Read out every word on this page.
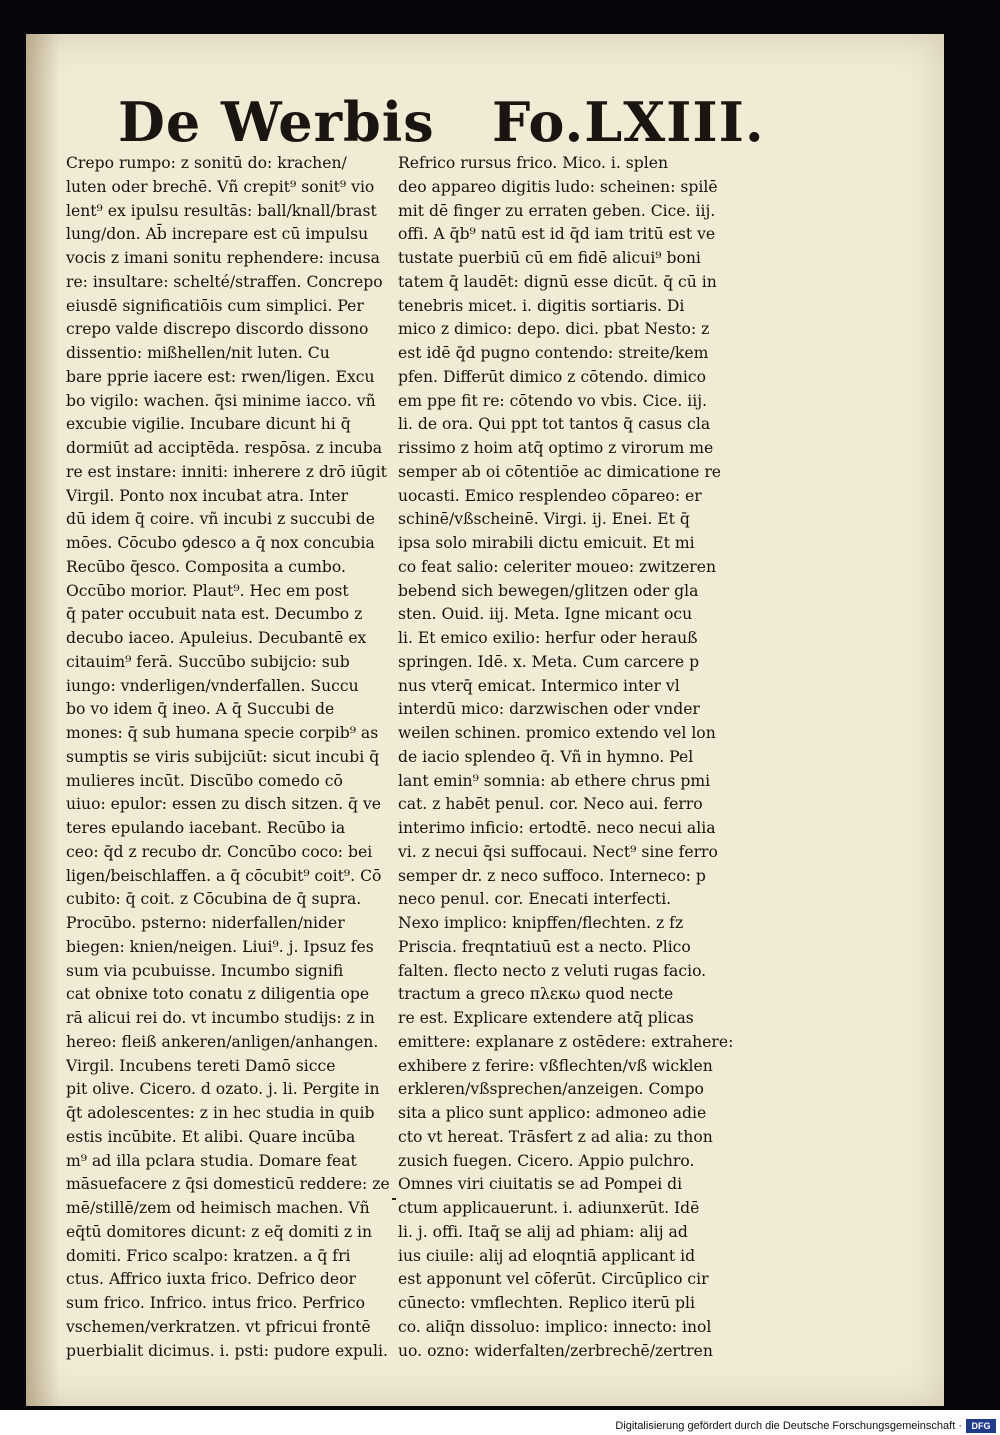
De Werbis Fo.LXIII.
Crepo rumpo: z sonitū do: krachen/
luten oder brechē. Vñ crepit⁹ sonit⁹ vio
lent⁹ ex ipulsu resultās: ball/knall/brast
lung/don. Ab̄ increpare est cū impulsu
vocis z imani sonitu rephendere: incusa
re: insultare: schelté/straffen. Concrepo
eiusdē significatiōis cum simplici. Per
crepo valde discrepo discordo dissono
dissentio: mißhellen/nit luten. Cu
bare pprie iacere est: rwen/ligen. Excu
bo vigilo: wachen. q̄si minime iacco. vñ
excubie vigilie. Incubare dicunt hi q̄
dormiūt ad acciptēda. respōsa. z incuba
re est instare: inniti: inherere z drō iūgit
Virgil. Ponto nox incubat atra. Inter
dū idem q̄ coire. vñ incubi z succubi de
mōes. Cōcubo ꝯdesco a q̄ nox concubia
Recūbo q̄esco. Composita a cumbo.
Occūbo morior. Plaut⁹. Hec em post
q̄ pater occubuit nata est. Decumbo z
decubo iaceo. Apuleius. Decubantē ex
citauim⁹ ferā. Succūbo subijcio: sub
iungo: vnderligen/vnderfallen. Succu
bo vo idem q̄ ineo. A q̄ Succubi de
mones: q̄ sub humana specie corpib⁹ as
sumptis se viris subijciūt: sicut incubi q̄
mulieres incūt. Discūbo comedo cō
uiuo: epulor: essen zu disch sitzen. q̄ ve
teres epulando iacebant. Recūbo ia
ceo: q̄d z recubo dr. Concūbo coco: bei
ligen/beischlaffen. a q̄ cōcubit⁹ coit⁹. Cō
cubito: q̄ coit. z Cōcubina de q̄ supra.
Procūbo. psterno: niderfallen/nider
biegen: knien/neigen. Liui⁹. j. Ipsuz fes
sum via pcubuisse. Incumbo signifi
cat obnixe toto conatu z diligentia ope
rā alicui rei do. vt incumbo studijs: z in
hereo: fleiß ankeren/anligen/anhangen.
Virgil. Incubens tereti Damō sicce
pit olive. Cicero. d ozato. j. li. Pergite in
q̄t adolescentes: z in hec studia in quib
estis incūbite. Et alibi. Quare incūba
m⁹ ad illa pclara studia. Domare feat
māsuefacere z q̄si domesticū reddere: ze
mē/stillē/zem od heimisch machen. Vñ
eq̄tū domitores dicunt: z eq̄ domiti z in
domiti. Frico scalpo: kratzen. a q̄ fri
ctus. Affrico iuxta frico. Defrico deor
sum frico. Infrico. intus frico. Perfrico
vschemen/verkratzen. vt pfricui frontē
puerbialit dicimus. i. psti: pudore expuli.
Refrico rursus frico. Mico. i. splen
deo appareo digitis ludo: scheinen: spilē
mit dē finger zu erraten geben. Cice. iij.
offi. A q̄b⁹ natū est id q̄d iam tritū est ve
tustate puerbiū cū em fidē alicui⁹ boni
tatem q̄ laudēt: dignū esse dicūt. q̄ cū in
tenebris micet. i. digitis sortiaris. Di
mico z dimico: depo. dici. pbat Nesto: z
est idē q̄d pugno contendo: streite/kem
pfen. Differūt dimico z cōtendo. dimico
em ppe fit re: cōtendo vo vbis. Cice. iij.
li. de ora. Qui ppt tot tantos q̄ casus cla
rissimo z hoim atq̄ optimo z virorum me
semper ab oi cōtentiōe ac dimicatione re
uocasti. Emico resplendeo cōpareo: er
schinē/vßscheinē. Virgi. ij. Enei. Et q̄
ipsa solo mirabili dictu emicuit. Et mi
co feat salio: celeriter moueo: zwitzeren
bebend sich bewegen/glitzen oder gla
sten. Ouid. iij. Meta. Igne micant ocu
li. Et emico exilio: herfur oder herauß
springen. Idē. x. Meta. Cum carcere p
nus vterq̄ emicat. Intermico inter vl
interdū mico: darzwischen oder vnder
weilen schinen. promico extendo vel lon
de iacio splendeo q̄. Vñ in hymno. Pel
lant emin⁹ somnia: ab ethere chrus pmi
cat. z habēt penul. cor. Neco aui. ferro
interimo inficio: ertodtē. neco necui alia
vi. z necui q̄si suffocaui. Nect⁹ sine ferro
semper dr. z neco suffoco. Interneco: p
neco penul. cor. Enecati interfecti.
Nexo implico: knipffen/flechten. z fz
Priscia. freqntatiuū est a necto. Plico
falten. flecto necto z veluti rugas facio.
tractum a greco πλεκω quod necte
re est. Explicare extendere atq̄ plicas
emittere: explanare z ostēdere: extrahere:
exhibere z ferire: vßflechten/vß wicklen
erkleren/vßsprechen/anzeigen. Compo
sita a plico sunt applico: admoneo adie
cto vt hereat. Trāsfert z ad alia: zu thon
zusich fuegen. Cicero. Appio pulchro.
Omnes viri ciuitatis se ad Pompei di
ctum applicauerunt. i. adiunxerūt. Idē
li. j. offi. Itaq̄ se alij ad phiam: alij ad
ius ciuile: alij ad eloqntiā applicant id
est apponunt vel cōferūt. Circūplico cir
cūnecto: vmflechten. Replico iterū pli
co. aliq̄n dissoluo: implico: innecto: inol
uo. ozno: widerfalten/zerbrechē/zertren
Digitalisierung gefördert durch die Deutsche Forschungsgemeinschaft ·	DFG
